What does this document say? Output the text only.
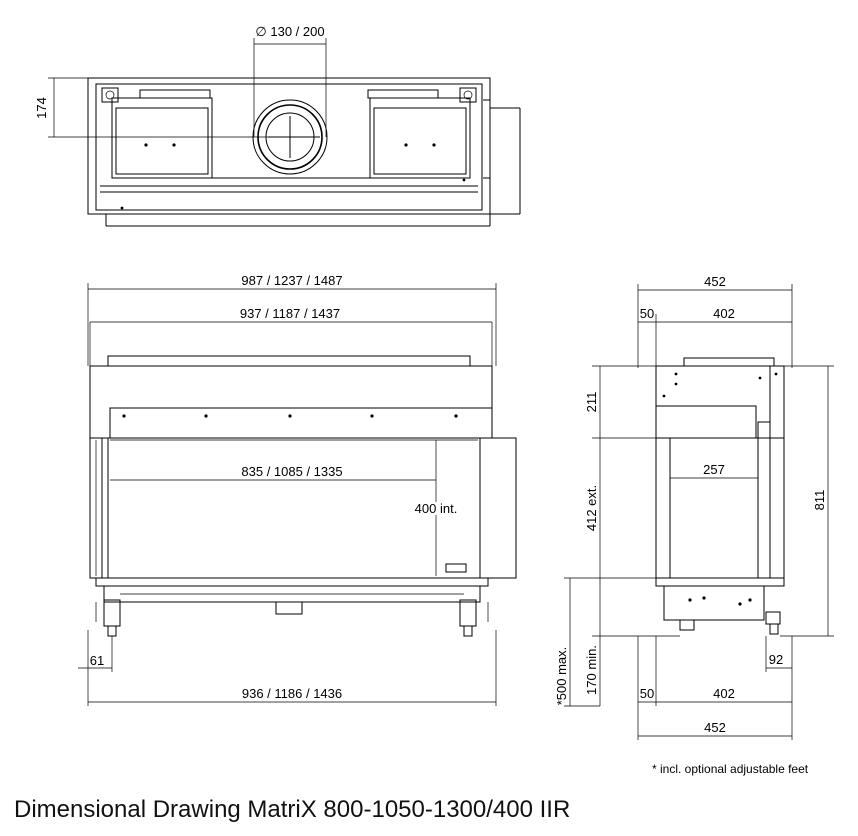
∅ 130 / 200
174
987 / 1237 / 1487
937 / 1187 / 1437
835 / 1085 / 1335
400 int.
61
936 / 1186 / 1436
452
50	402
257
211
412 ext.	811
*500 max. 170 min.	92
50	402
452
* incl. optional adjustable feet
Dimensional Drawing MatriX 800-1050-1300/400 IIR
